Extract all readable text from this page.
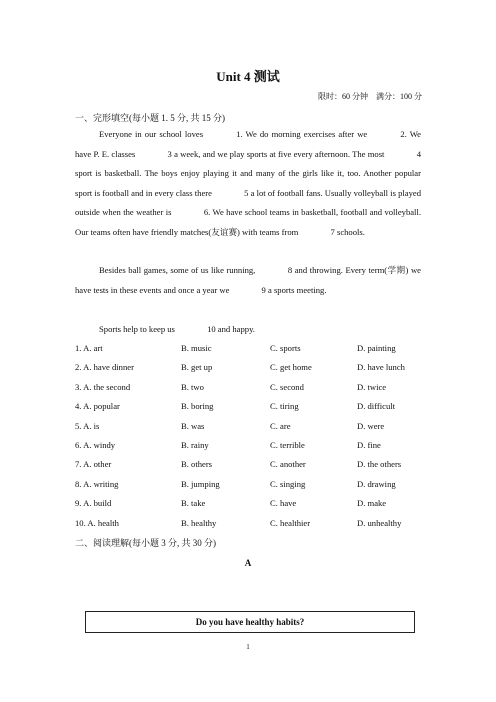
Unit 4 测试
限时：60 分钟　满分：100 分
一、完形填空(每小题 1. 5 分, 共 15 分)

Everyone in our school loves	1. We do morning exercises after we	2. We have P. E. classes	3 a week, and we play sports at five every afternoon. The most	4 sport is basketball. The boys enjoy playing it and many of the girls like it, too. Another popular sport is football and in every class there	5 a lot of football fans. Usually volleyball is played outside when the weather is	6. We have school teams in basketball, football and volleyball. Our teams often have friendly matches(友谊赛) with teams from	7 schools.

Besides ball games, some of us like running,	8 and throwing. Every term(学期) we have tests in these events and once a year we	9 a sports meeting.

Sports help to keep us	10 and happy.

1. A. art	B. music	C. sports	D. painting
2. A. have dinner	B. get up	C. get home	D. have lunch
3. A. the second	B. two	C. second	D. twice
4. A. popular	B. boring	C. tiring	D. difficult
5. A. is	B. was	C. are	D. were
6. A. windy	B. rainy	C. terrible	D. fine
7. A. other	B. others	C. another	D. the others
8. A. writing	B. jumping	C. singing	D. drawing
9. A. build	B. take	C. have	D. make
10. A. health	B. healthy	C. healthier	D. unhealthy
二、阅读理解(每小题 3 分, 共 30 分)
A
Do you have healthy habits?
1
